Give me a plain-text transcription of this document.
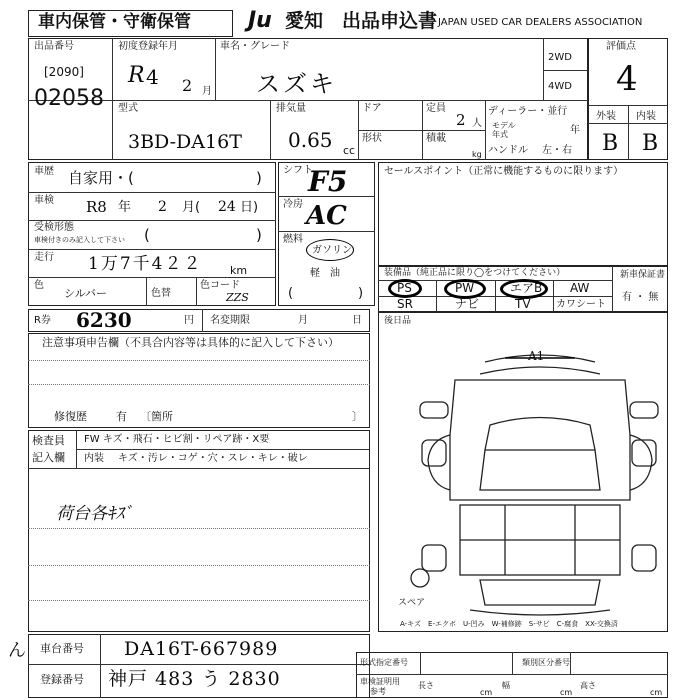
車内保管・守衛保管	Ju 愛知 出品申込書 JAPAN USED CAR DEALERS ASSOCIATION
出品番号
[2090]
02058
初度登録年月
R 4 2 月
車名・グレード
スズキ
2WD
4WD
評価点
4
外装 内装
B B
型式
3BD-DA16T
排気量
0.65 cc
ドア
形状
定員
2 人
積載
kg
ディーラー・並行
モデル
年式	年
ハンドル 左・右
車歴 自家用・(	)
車検 R8 年 2 月( 24 日)
受検形態
車検付きのみ記入して下さい (	)
走行 1万7千4２２	km
色
シルバー	色替
色コード
ZZS
R券 6230	円 名変期限	月	日
シフト
F5
冷房 AC
燃料
ガソリン
軽　油
(	)
セールスポイント（正常に機能するものに限ります）
装備品（純正品に限り◯をつけてください）
PS	PW	エアB AW
SR	ナビ	TV	カワシート
新車保証書
有 ・ 無
後日品
注意事項申告欄（不具合内容等は具体的に記入して下さい）
修復歴	有 〔箇所	〕
検査員
記入欄
FW キズ・飛石・ヒビ割・リペア跡・X要
内装 キズ・汚レ・コゲ・穴・スレ・キレ・破レ
荷台各ｷｽﾞ
A1
スペア
A-キズ　E-エクボ　U-凹み　W-補修跡　S-サビ　C-腐食　XX-交換済
車台番号 DA16T-667989
登録番号 神戸 483 う 2830
ん
形式指定番号	類別区分番号
車検証明用
参考
長さ
cm
幅
cm
高さ
cm
